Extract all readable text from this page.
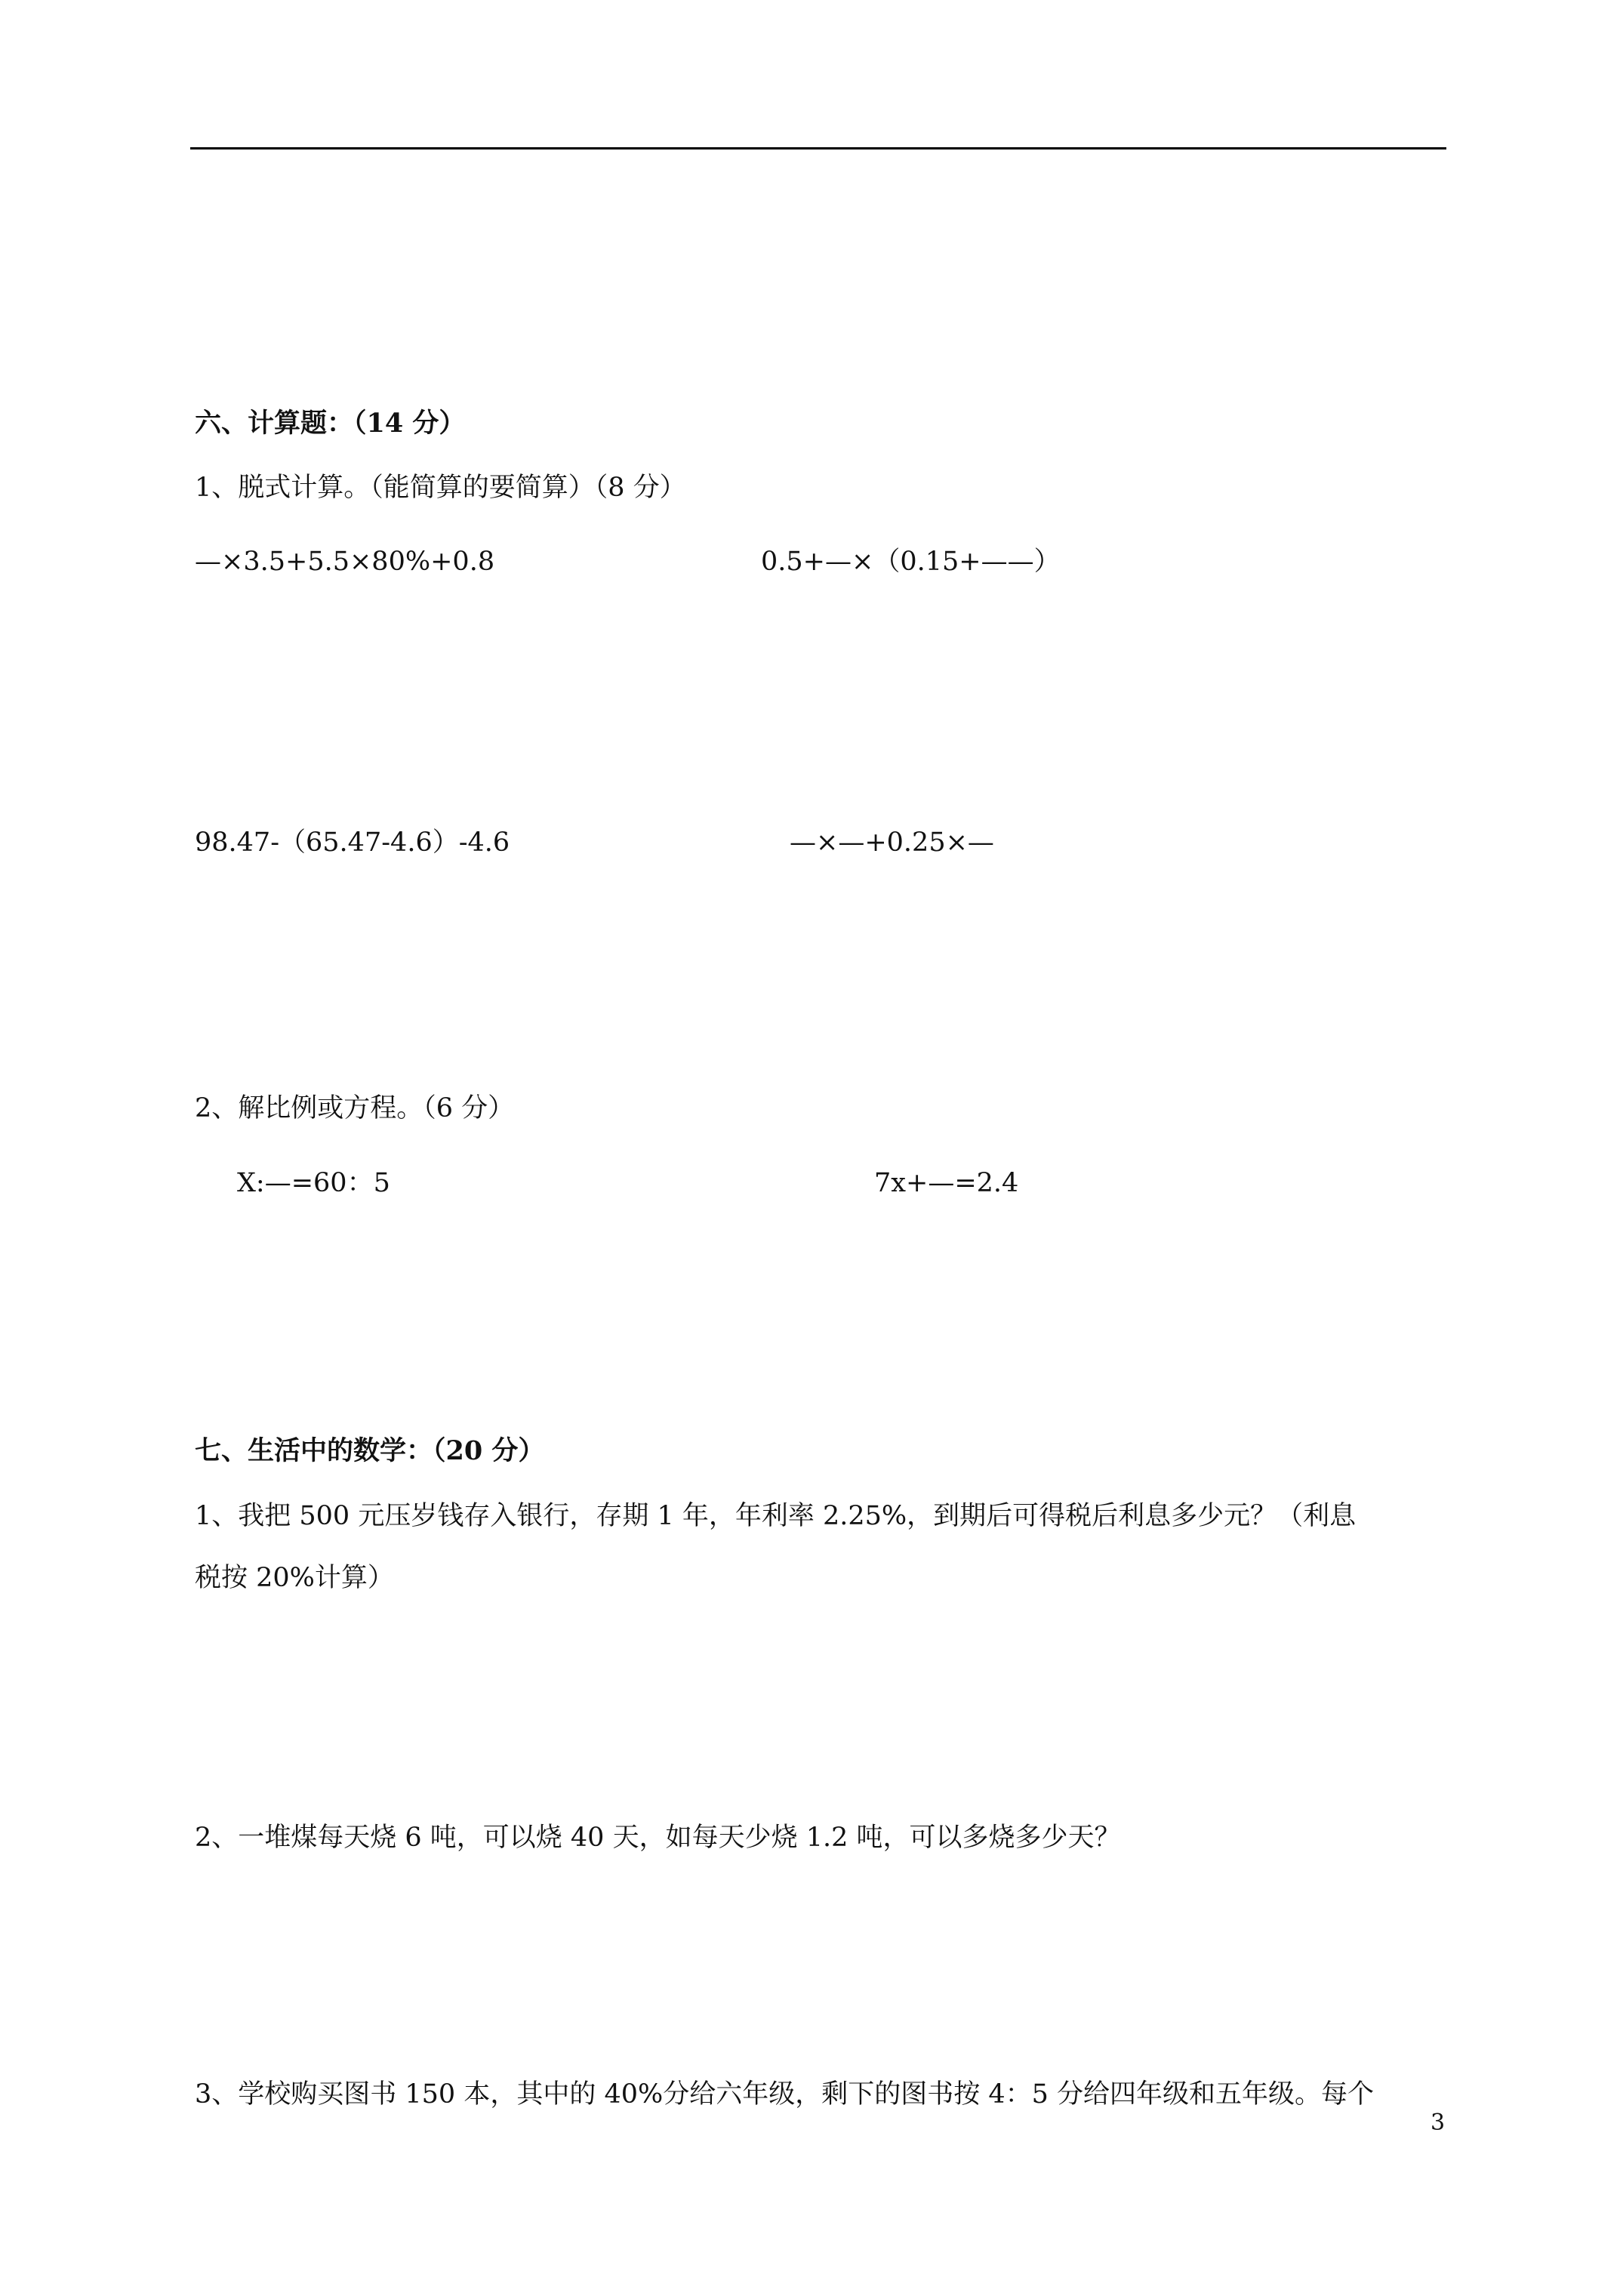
六、计算题：（14 分）
1、脱式计算。（能简算的要简算）（8 分）
—×3.5+5.5×80%+0.8	0.5+—×（0.15+——）
98.47-（65.47-4.6）-4.6	—×—+0.25×—
2、解比例或方程。（6 分）
X:—=60：5	7x+—=2.4
七、生活中的数学：（20 分）
1、我把 500 元压岁钱存入银行，存期 1 年，年利率 2.25%，到期后可得税后利息多少元？（利息
税按 20%计算）
2、一堆煤每天烧 6 吨，可以烧 40 天，如每天少烧 1.2 吨，可以多烧多少天？
3、学校购买图书 150 本，其中的 40%分给六年级，剩下的图书按 4：5 分给四年级和五年级。每个
3
